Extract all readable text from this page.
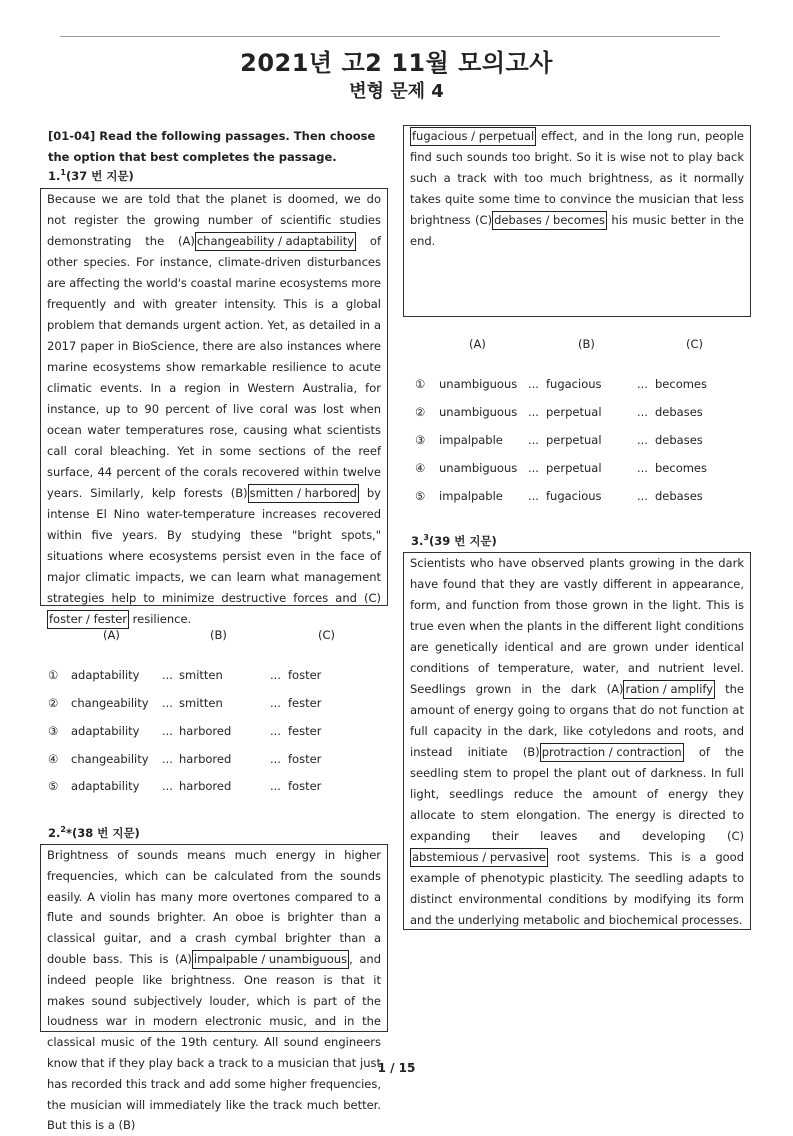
2021년 고2 11월 모의고사
변형 문제 4
[01-04] Read the following passages. Then choose the option that best completes the passage.
1.$^1$(37 번 지문)
Because we are told that the planet is doomed, we do not register the growing number of scientific studies demonstrating the (A) changeability / adaptability of other species. For instance, climate-driven disturbances are affecting the world's coastal marine ecosystems more frequently and with greater intensity. This is a global problem that demands urgent action. Yet, as detailed in a 2017 paper in BioScience, there are also instances where marine ecosystems show remarkable resilience to acute climatic events. In a region in Western Australia, for instance, up to 90 percent of live coral was lost when ocean water temperatures rose, causing what scientists call coral bleaching. Yet in some sections of the reef surface, 44 percent of the corals recovered within twelve years. Similarly, kelp forests (B) smitten / harbored by intense El Nino water-temperature increases recovered within five years. By studying these "bright spots," situations where ecosystems persist even in the face of major climatic impacts, we can learn what management strategies help to minimize destructive forces and (C)foster / fester resilience.
(A)	(B)	(C)
① adaptability ... smitten	... foster
② changeability ... smitten	... fester
③ adaptability ... harbored	... fester
④ changeability ... harbored	... foster
⑤ adaptability ... harbored	... foster
2.$^2$*(38 번 지문)
Brightness of sounds means much energy in higher frequencies, which can be calculated from the sounds easily. A violin has many more overtones compared to a flute and sounds brighter. An oboe is brighter than a classical guitar, and a crash cymbal brighter than a double bass. This is (A) impalpable / unambiguous , and indeed people like brightness. One reason is that it makes sound subjectively louder, which is part of the loudness war in modern electronic music, and in the classical music of the 19th century. All sound engineers know that if they play back a track to a musician that just has recorded this track and add some higher frequencies, the musician will immediately like the track much better. But this is a (B)
fugacious / perpetual effect, and in the long run, people find such sounds too bright. So it is wise not to play back such a track with too much brightness, as it normally takes quite some time to convince the musician that less brightness (C) debases / becomes his music better in the end.
(A)	(B)	(C)
① unambiguous ... fugacious	... becomes
② unambiguous ... perpetual	... debases
③ impalpable ... perpetual	... debases
④ unambiguous ... perpetual	... becomes
⑤ impalpable ... fugacious	... debases
3.$^3$(39 번 지문)
Scientists who have observed plants growing in the dark have found that they are vastly different in appearance, form, and function from those grown in the light. This is true even when the plants in the different light conditions are genetically identical and are grown under identical conditions of temperature, water, and nutrient level. Seedlings grown in the dark (A) ration / amplify the amount of energy going to organs that do not function at full capacity in the dark, like cotyledons and roots, and instead initiate (B) protraction / contraction of the seedling stem to propel the plant out of darkness. In full light, seedlings reduce the amount of energy they allocate to stem elongation. The energy is directed to expanding their leaves and developing (C)abstemious / pervasive root systems. This is a good example of phenotypic plasticity. The seedling adapts to distinct environmental conditions by modifying its form and the underlying metabolic and biochemical processes.
1 / 15
